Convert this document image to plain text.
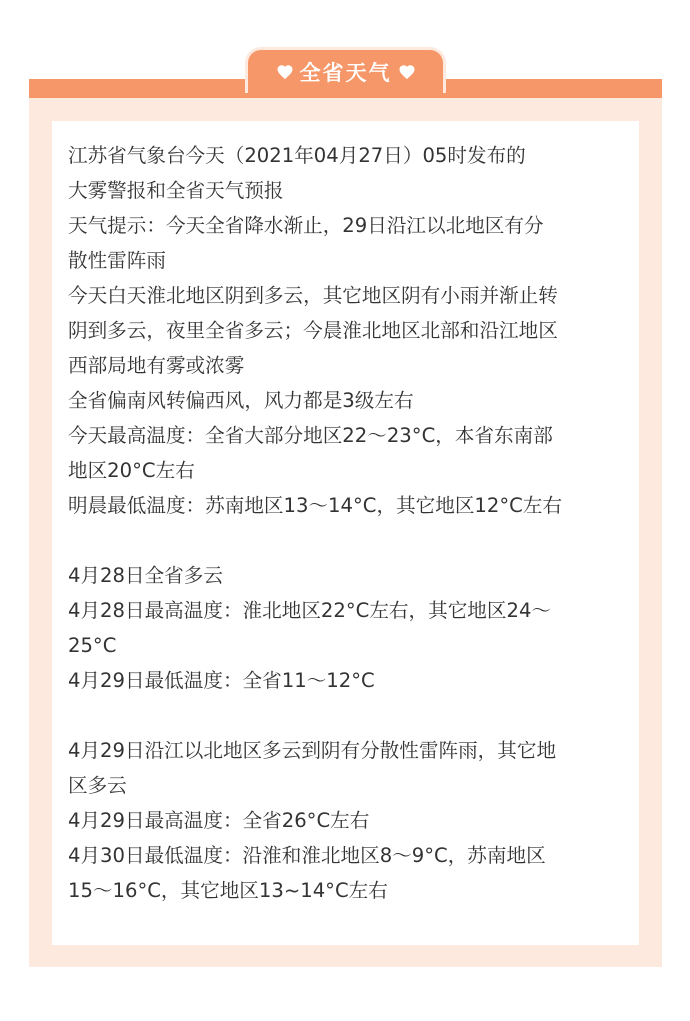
全省天气
江苏省气象台今天（2021年04月27日）05时发布的
大雾警报和全省天气预报
天气提示：今天全省降水渐止，29日沿江以北地区有分
散性雷阵雨
今天白天淮北地区阴到多云，其它地区阴有小雨并渐止转
阴到多云，夜里全省多云；今晨淮北地区北部和沿江地区
西部局地有雾或浓雾
全省偏南风转偏西风，风力都是3级左右
今天最高温度：全省大部分地区22～23°C，本省东南部
地区20°C左右
明晨最低温度：苏南地区13～14°C，其它地区12°C左右
4月28日全省多云
4月28日最高温度：淮北地区22°C左右，其它地区24～
25°C
4月29日最低温度：全省11～12°C
4月29日沿江以北地区多云到阴有分散性雷阵雨，其它地
区多云
4月29日最高温度：全省26°C左右
4月30日最低温度：沿淮和淮北地区8～9°C，苏南地区
15～16°C，其它地区13~14°C左右
